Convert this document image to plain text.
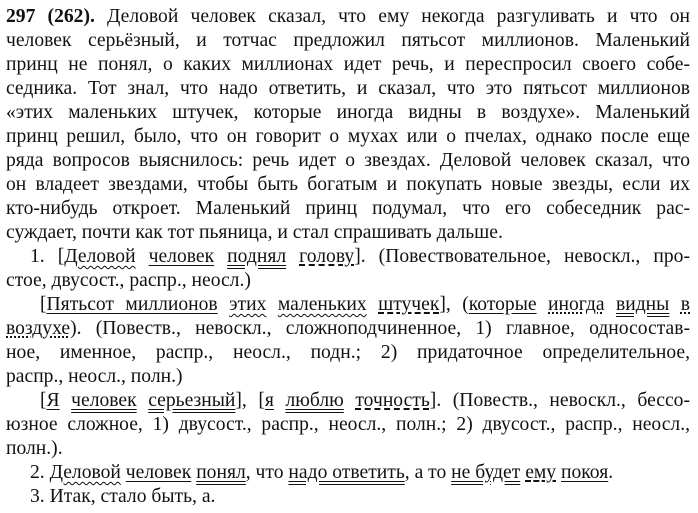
297 (262). Деловой человек сказал, что ему некогда разгуливать и что он
человек серьёзный, и тотчас предложил пятьсот миллионов. Маленький
принц не понял, о каких миллионах идет речь, и переспросил своего собе-
седника. Тот знал, что надо ответить, и сказал, что это пятьсот миллионов
«этих маленьких штучек, которые иногда видны в воздухе». Маленький
принц решил, было, что он говорит о мухах или о пчелах, однако после еще
ряда вопросов выяснилось: речь идет о звездах. Деловой человек сказал, что
он владеет звездами, чтобы быть богатым и покупать новые звезды, если их
кто-нибудь откроет. Маленький принц подумал, что его собеседник рас-
суждает, почти как тот пьяница, и стал спрашивать дальше.
1. [Деловой человек поднял голову]. (Повествовательное, невоскл., про-
стое, двусост., распр., неосл.)
[Пятьсот миллионов этих маленьких штучек], (которые иногда видны в
воздухе). (Повеств., невоскл., сложноподчиненное, 1) главное, односостав-
ное, именное, распр., неосл., подн.; 2) придаточное определительное,
распр., неосл., полн.)
[Я человек серьезный], [я люблю точность]. (Повеств., невоскл., бессо-
юзное сложное, 1) двусост., распр., неосл., полн.; 2) двусост., распр., неосл.,
полн.).
2. Деловой человек понял, что надо ответить, а то не будет ему покоя.
3. Итак, стало быть, а.
